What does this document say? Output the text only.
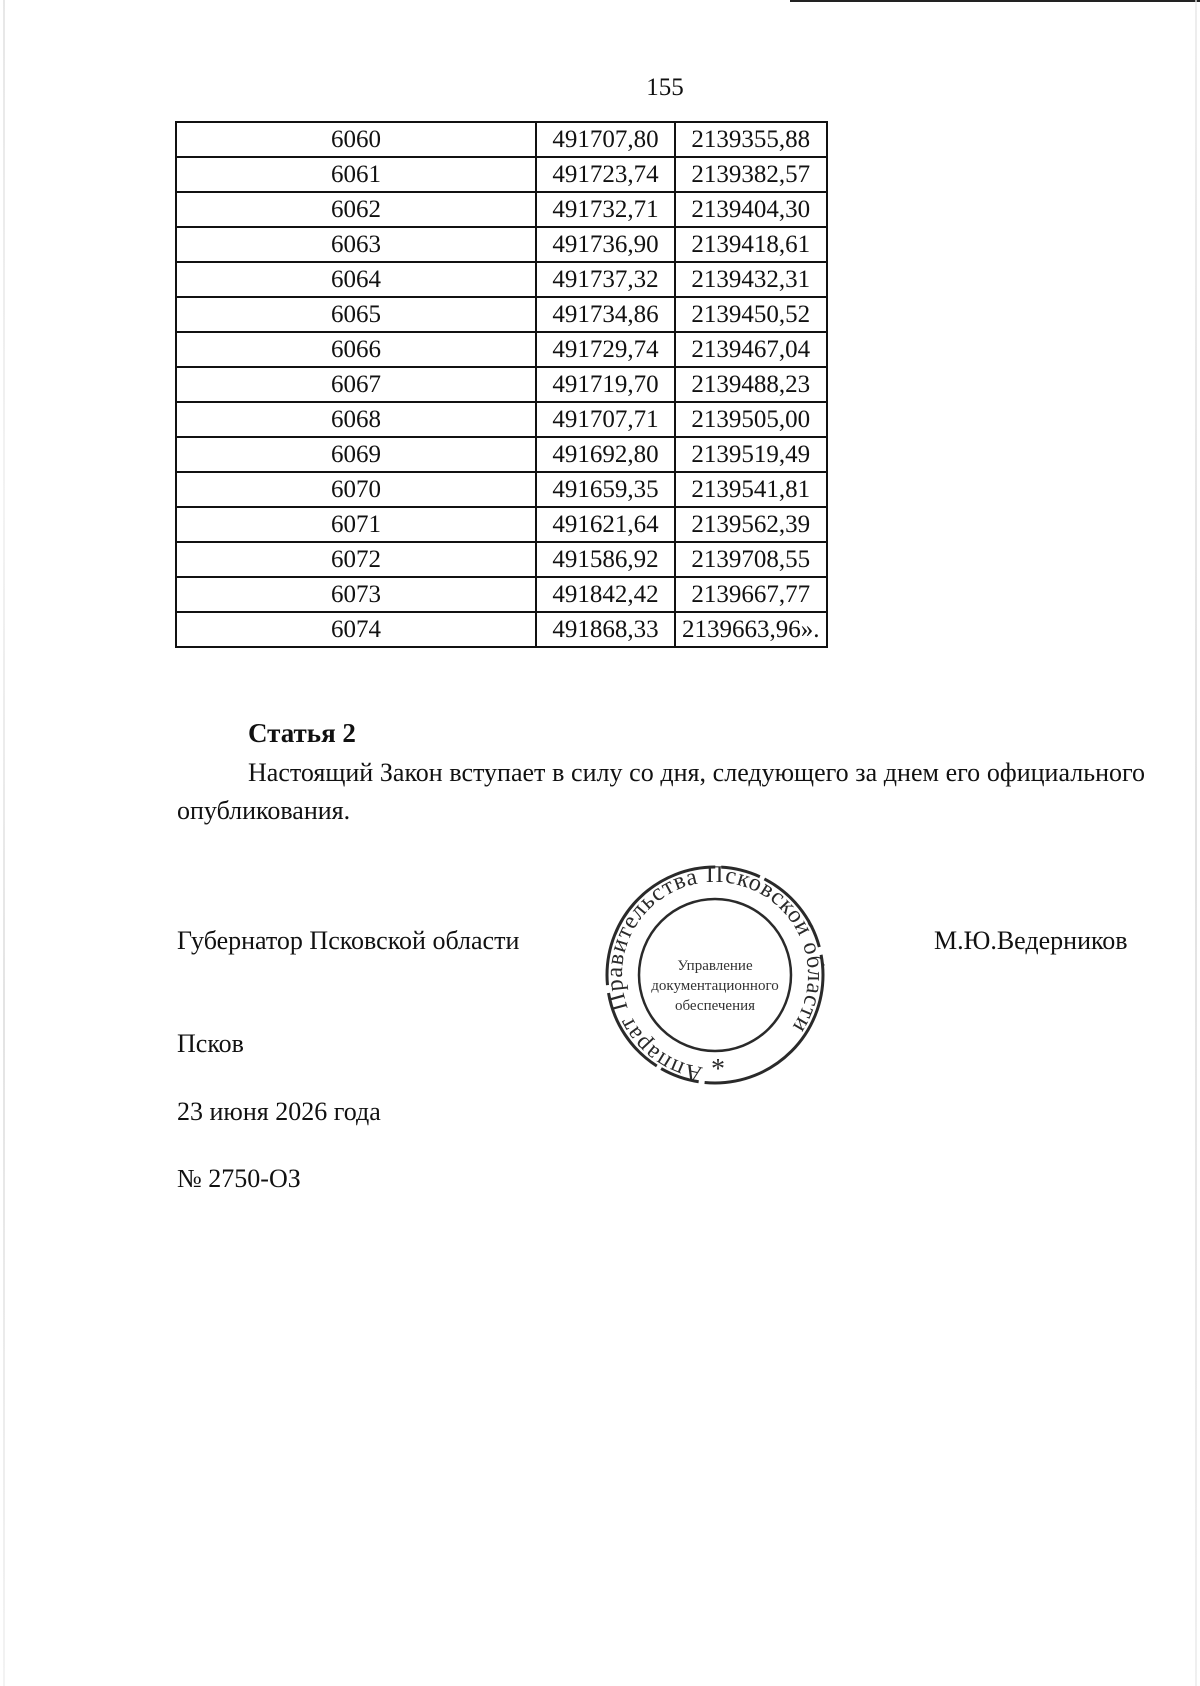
155
6060	491707,80	2139355,88
6061	491723,74	2139382,57
6062	491732,71	2139404,30
6063	491736,90	2139418,61
6064	491737,32	2139432,31
6065	491734,86	2139450,52
6066	491729,74	2139467,04
6067	491719,70	2139488,23
6068	491707,71	2139505,00
6069	491692,80	2139519,49
6070	491659,35	2139541,81
6071	491621,64	2139562,39
6072	491586,92	2139708,55
6073	491842,42	2139667,77
6074	491868,33	2139663,96».
Статья 2
Настоящий Закон вступает в силу со дня, следующего за днем его официального опубликования.
Губернатор Псковской области	М.Ю.Ведерников
Аппарат Правительства Псковской области
Управление
документационного
обеспечения
*
Псков
23 июня 2026 года
№ 2750-ОЗ
